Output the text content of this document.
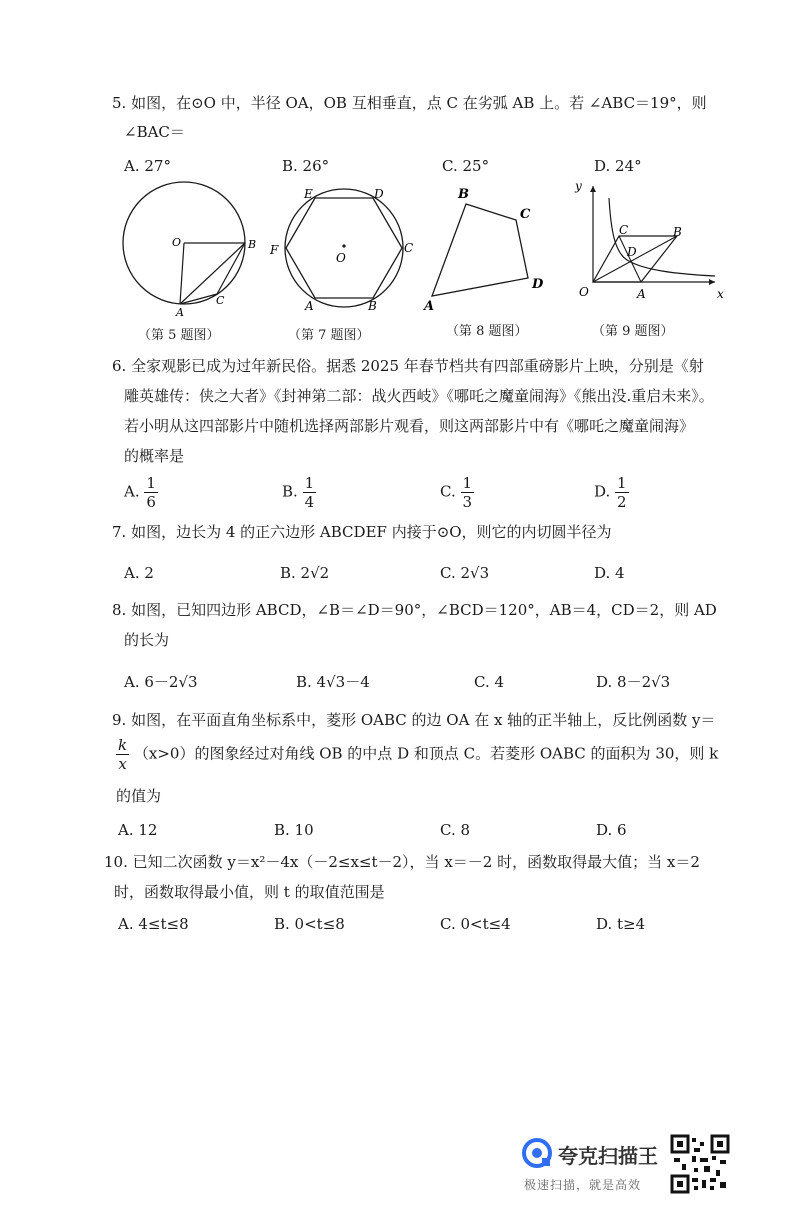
5. 如图，在⊙O 中，半径 OA，OB 互相垂直，点 C 在劣弧 AB 上。若 ∠ABC＝19°，则
∠BAC＝
A. 27°	B. 26°	C. 25°	D. 24°
O	B
A
C
（第 5 题图）
E	D
F	C
O
A	B
（第 7 题图）
B
C
D
A
（第 8 题图）
y
C	B
D
O	A	x
（第 9 题图）
6. 全家观影已成为过年新民俗。据悉 2025 年春节档共有四部重磅影片上映，分别是《射
雕英雄传：侠之大者》《封神第二部：战火西岐》《哪吒之魔童闹海》《熊出没.重启未来》。
若小明从这四部影片中随机选择两部影片观看，则这两部影片中有《哪吒之魔童闹海》
的概率是
A. $\frac{1}{6}$	B. $\frac{1}{4}$	C. $\frac{1}{3}$	D. $\frac{1}{2}$
7. 如图，边长为 4 的正六边形 ABCDEF 内接于⊙O，则它的内切圆半径为
A. 2	B. 2√2	C. 2√3	D. 4
8. 如图，已知四边形 ABCD，∠B＝∠D＝90°，∠BCD＝120°，AB＝4，CD＝2，则 AD
的长为
A. 6－2√3	B. 4√3－4	C. 4	D. 8－2√3
9. 如图，在平面直角坐标系中，菱形 OABC 的边 OA 在 x 轴的正半轴上，反比例函数 y＝
$\frac{k}{x} (x>0)$的图象经过对角线 OB 的中点 D 和顶点 C。若菱形 OABC 的面积为 30，则 k
的值为
A. 12	B. 10	C. 8	D. 6
10. 已知二次函数 y＝x²－4x（－2≤x≤t－2），当 x＝－2 时，函数取得最大值；当 x＝2
时，函数取得最小值，则 t 的取值范围是
A. 4≤t≤8	B. 0<t≤8	C. 0<t≤4	D. t≥4
夸克扫描王
极速扫描，就是高效
